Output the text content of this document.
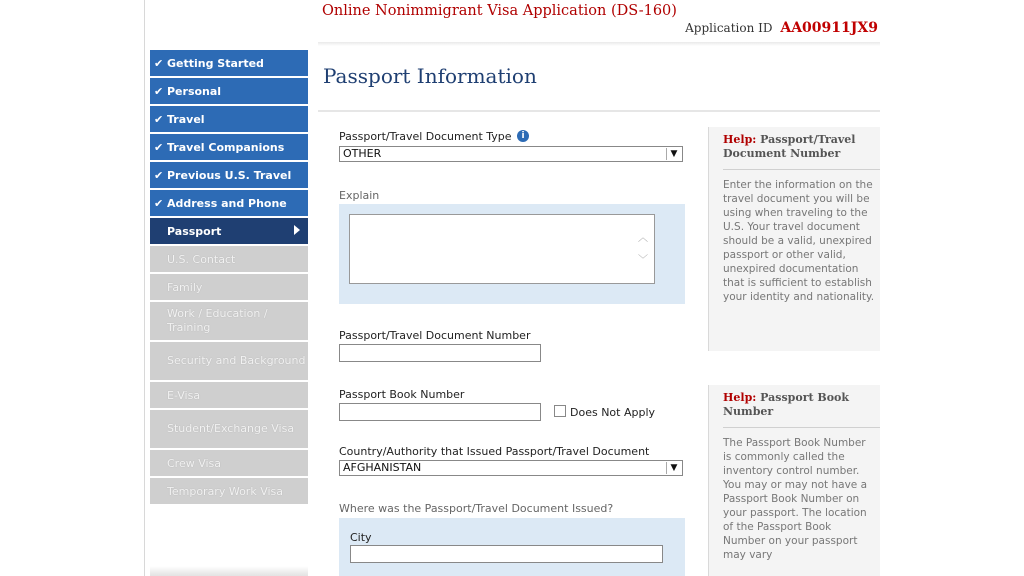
Online Nonimmigrant Visa Application (DS-160)
Application ID AA00911JX9
✔ Getting Started
✔ Personal
✔ Travel
✔ Travel Companions
✔ Previous U.S. Travel
✔ Address and Phone
Passport
U.S. Contact
Family
Work / Education / Training
Security and Background
E-Visa
Student/Exchange Visa
Crew Visa
Temporary Work Visa
Passport Information
Passport/Travel Document Type i
OTHER	▼
Explain
︿
﹀
Passport/Travel Document Number
Passport Book Number
Does Not Apply
Country/Authority that Issued Passport/Travel Document
AFGHANISTAN	▼
Where was the Passport/Travel Document Issued?
City
Help: Passport/Travel Document Number
Enter the information on the travel document you will be using when traveling to the U.S. Your travel document should be a valid, unexpired passport or other valid, unexpired documentation that is sufficient to establish your identity and nationality.
Help: Passport Book Number
The Passport Book Number is commonly called the inventory control number. You may or may not have a Passport Book Number on your passport. The location of the Passport Book Number on your passport may vary
